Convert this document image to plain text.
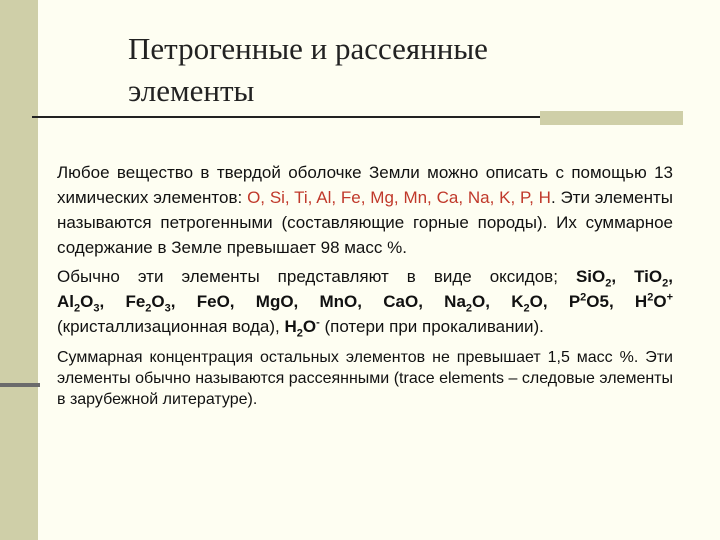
Петрогенные и рассеянные
элементы

Любое вещество в твердой оболочке Земли можно описать с помощью 13 химических элементов: O, Si, Ti, Al, Fe, Mg, Mn, Ca, Na, K, P, H. Эти элементы называются петрогенными (составляющие горные породы). Их суммарное содержание в Земле превышает 98 масс %.

Обычно эти элементы представляют в виде оксидов; SiO$_2$, TiO$_2$,
$Al_2O_3$, $Fe_2O_3$, FeO, MgO, MnO, CaO, $Na_2O$, $K_2O$, $P^2O5$, $H^2O^+$
(кристаллизационная вода), $H_2O^-$ (потери при прокаливании).

Суммарная концентрация остальных элементов не превышает 1,5 масс %. Эти элементы обычно называются рассеянными (trace elements – следовые элементы в зарубежной литературе).
